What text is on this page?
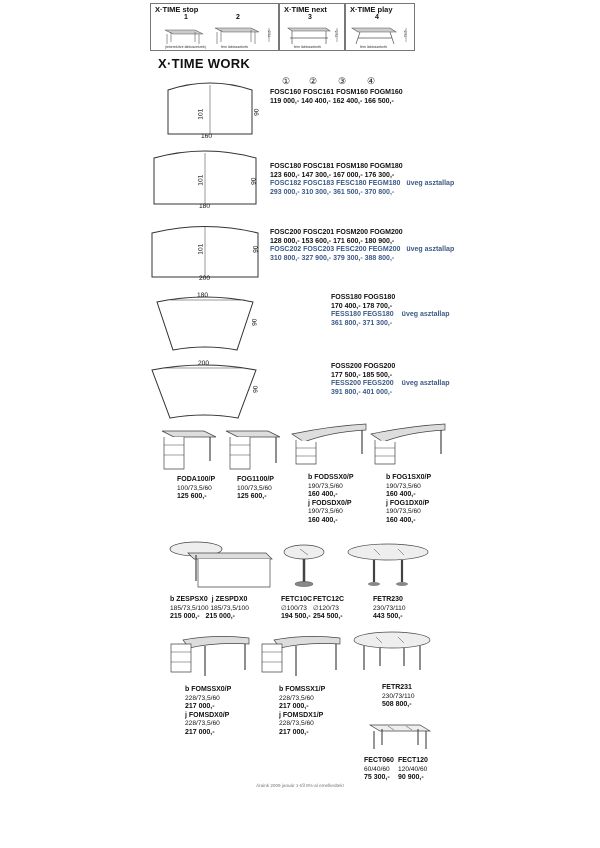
X·TIME stop
1	2
(lekerekítve lábtoszekrék)	fém lábtoszekrék
73,5
X·TIME next
3
fém lábtoszekrék
73,5
X·TIME play
4
fém lábtoszekrék
73,5
X·TIME WORK
① ② ③ ④
101	90
160
FOSC160 FOSC161 FOSM160 FOGM160
119 000,- 140 400,- 162 400,- 166 500,-
101	90
180
FOSC180 FOSC181 FOSM180 FOGM180
123 600,- 147 300,- 167 000,- 176 300,-
FOSC182 FOSC183 FESC180 FEGM180 üveg asztallap
293 000,- 310 300,- 361 500,- 370 800,-
101	90
200
FOSC200 FOSC201 FOSM200 FOGM200
128 000,- 153 600,- 171 600,- 180 900,-
FOSC202 FOSC203 FESC200 FEGM200 üveg asztallap
310 800,- 327 900,- 379 300,- 388 800,-
180
90
FOSS180 FOGS180
170 400,- 178 700,-
FESS180 FEGS180 üveg asztallap
361 800,- 371 300,-
200
90
FOSS200 FOGS200
177 500,- 185 500,-
FESS200 FEGS200 üveg asztallap
391 800,- 401 000,-
FODA100/P
100/73,5/60
125 600,-
FOG1100/P
100/73,5/60
125 600,-
b FODSSX0/P
190/73,5/60
160 400,-
j FODSDX0/P
190/73,5/60
160 400,-
b FOG1SX0/P
190/73,5/60
160 400,-
j FOG1DX0/P
190/73,5/60
160 400,-
b ZESPSX0 j ZESPDX0
185/73,5/100 185/73,5/100
215 000,- 215 000,-
FETC10C
∅100/73
194 500,-
FETC12C
∅120/73
254 500,-
FETR230
230/73/110
443 500,-
b FOMSSX0/P
228/73,5/60
217 000,-
j FOMSDX0/P
228/73,5/60
217 000,-
b FOMSSX1/P
228/73,5/60
217 000,-
j FOMSDX1/P
228/73,5/60
217 000,-
FETR231
230/73/110
508 800,-
FECT060
60/40/60
75 300,-
FECT120
120/40/60
90 900,-
Áraink 2009 január 1-től 8%-al emelkedtek!
